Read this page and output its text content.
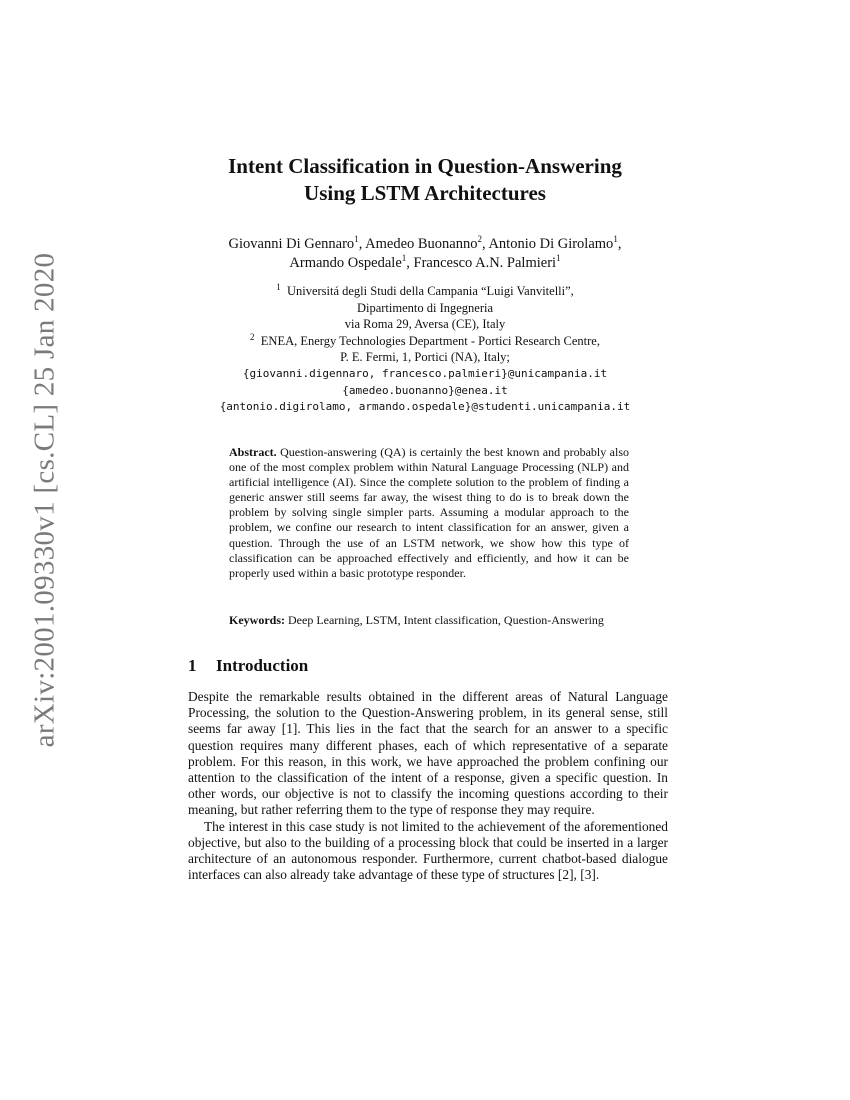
arXiv:2001.09330v1 [cs.CL] 25 Jan 2020
Intent Classification in Question-Answering
Using LSTM Architectures
Giovanni Di Gennaro$^1$, Amedeo Buonanno$^2$, Antonio Di Girolamo$^1$,
Armando Ospedale$^1$, Francesco A.N. Palmieri$^1$
$^1$ Universitá degli Studi della Campania “Luigi Vanvitelli”,
Dipartimento di Ingegneria
via Roma 29, Aversa (CE), Italy
$^2$ ENEA, Energy Technologies Department - Portici Research Centre,
P. E. Fermi, 1, Portici (NA), Italy;
{giovanni.digennaro, francesco.palmieri}@unicampania.it
{amedeo.buonanno}@enea.it
{antonio.digirolamo, armando.ospedale}@studenti.unicampania.it
Abstract. Question-answering (QA) is certainly the best known and probably also one of the most complex problem within Natural Language Processing (NLP) and artificial intelligence (AI). Since the complete solution to the problem of finding a generic answer still seems far away, the wisest thing to do is to break down the problem by solving single simpler parts. Assuming a modular approach to the problem, we confine our research to intent classification for an answer, given a question. Through the use of an LSTM network, we show how this type of classification can be approached effectively and efficiently, and how it can be properly used within a basic prototype responder.
Keywords: Deep Learning, LSTM, Intent classification, Question-Answering
1 Introduction

Despite the remarkable results obtained in the different areas of Natural Language Processing, the solution to the Question-Answering problem, in its general sense, still seems far away [1]. This lies in the fact that the search for an answer to a specific question requires many different phases, each of which representative of a separate problem. For this reason, in this work, we have approached the problem confining our attention to the classification of the intent of a response, given a specific question. In other words, our objective is not to classify the incoming questions according to their meaning, but rather referring them to the type of response they may require.

The interest in this case study is not limited to the achievement of the aforementioned objective, but also to the building of a processing block that could be inserted in a larger architecture of an autonomous responder. Furthermore, current chatbot-based dialogue interfaces can also already take advantage of these type of structures [2], [3].
